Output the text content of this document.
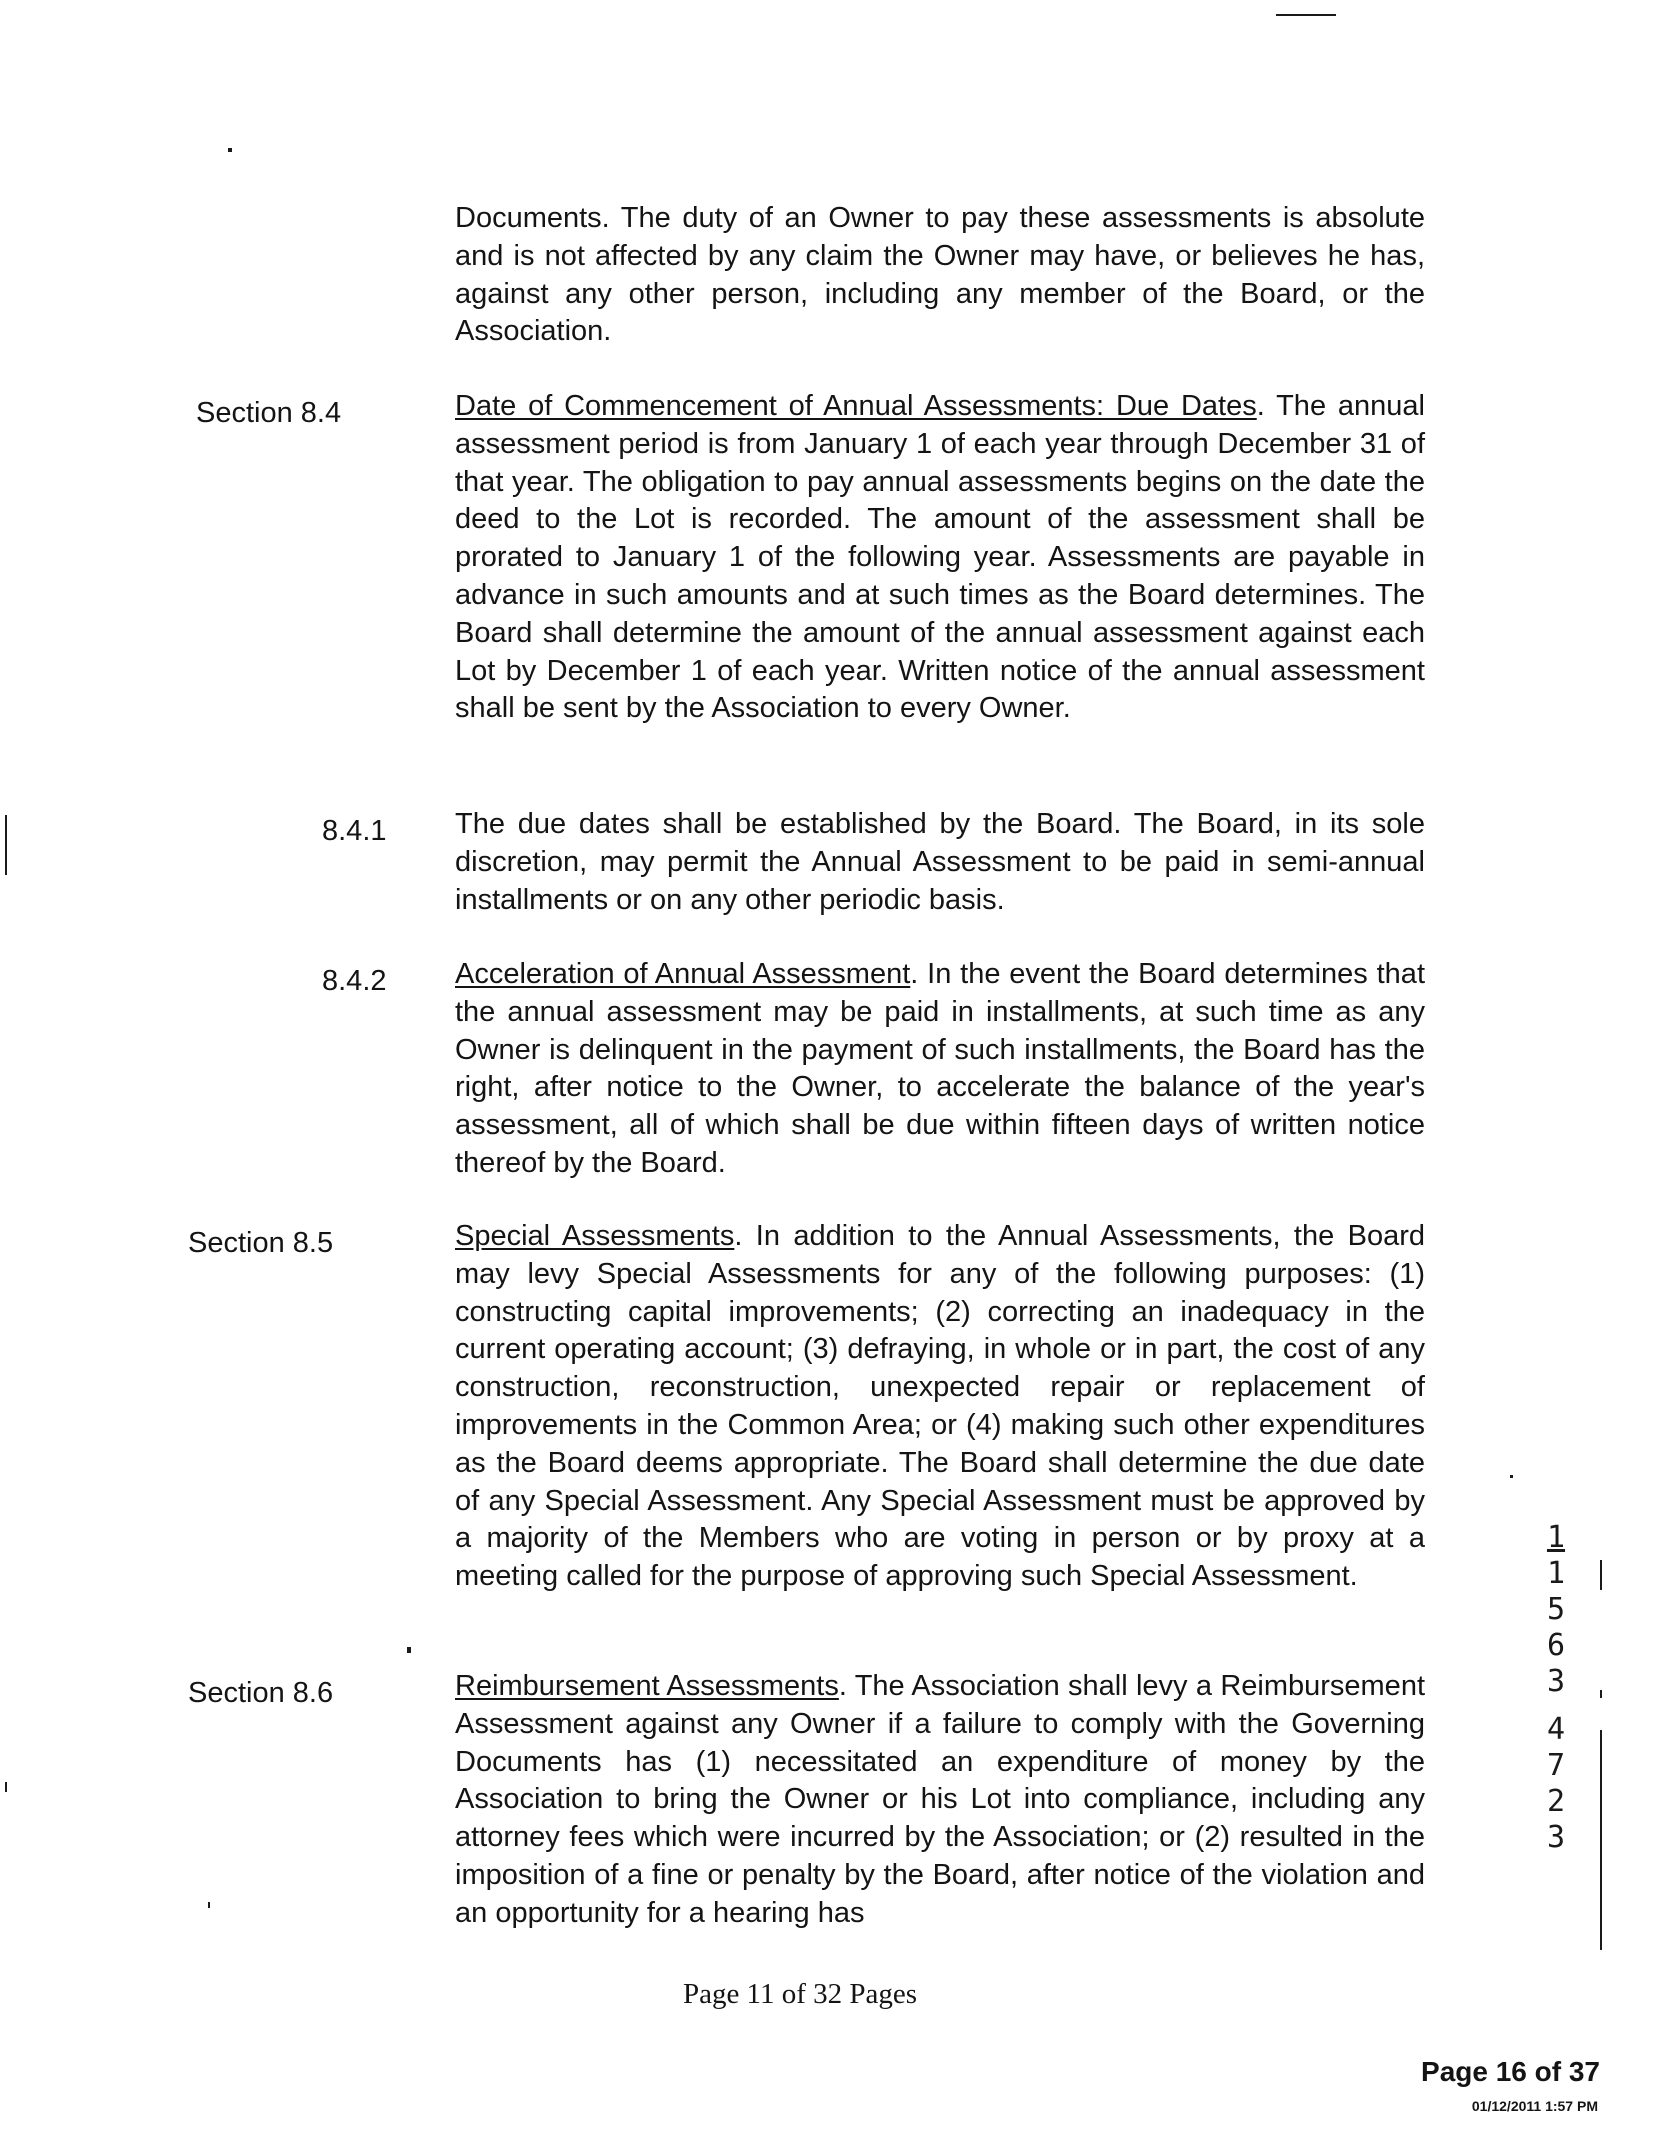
Documents. The duty of an Owner to pay these assessments is absolute and is not affected by any claim the Owner may have, or believes he has, against any other person, including any member of the Board, or the Association.
Section 8.4	Date of Commencement of Annual Assessments: Due Dates. The annual assessment period is from January 1 of each year through December 31 of that year. The obligation to pay annual assessments begins on the date the deed to the Lot is recorded. The amount of the assessment shall be prorated to January 1 of the following year. Assessments are payable in advance in such amounts and at such times as the Board determines. The Board shall determine the amount of the annual assessment against each Lot by December 1 of each year. Written notice of the annual assessment shall be sent by the Association to every Owner.
8.4.1 The due dates shall be established by the Board. The Board, in its sole discretion, may permit the Annual Assessment to be paid in semi-annual installments or on any other periodic basis.
8.4.2 Acceleration of Annual Assessment. In the event the Board determines that the annual assessment may be paid in installments, at such time as any Owner is delinquent in the payment of such installments, the Board has the right, after notice to the Owner, to accelerate the balance of the year's assessment, all of which shall be due within fifteen days of written notice thereof by the Board.
Section 8.5	Special Assessments. In addition to the Annual Assessments, the Board may levy Special Assessments for any of the following purposes: (1) constructing capital improvements; (2) correcting an inadequacy in the current operating account; (3) defraying, in whole or in part, the cost of any construction, reconstruction, unexpected repair or replacement of improvements in the Common Area; or (4) making such other expenditures as the Board deems appropriate. The Board shall determine the due date of any Special Assessment. Any Special Assessment must be approved by a majority of the Members who are voting in person or by proxy at a meeting called for the purpose of approving such Special Assessment.
Section 8.6	Reimbursement Assessments. The Association shall levy a Reimbursement Assessment against any Owner if a failure to comply with the Governing Documents has (1) necessitated an expenditure of money by the Association to bring the Owner or his Lot into compliance, including any attorney fees which were incurred by the Association; or (2) resulted in the imposition of a fine or penalty by the Board, after notice of the violation and an opportunity for a hearing has
1
1
5
6
3
4
7
2
3
Page 11 of 32 Pages
Page 16 of 37
01/12/2011 1:57 PM
